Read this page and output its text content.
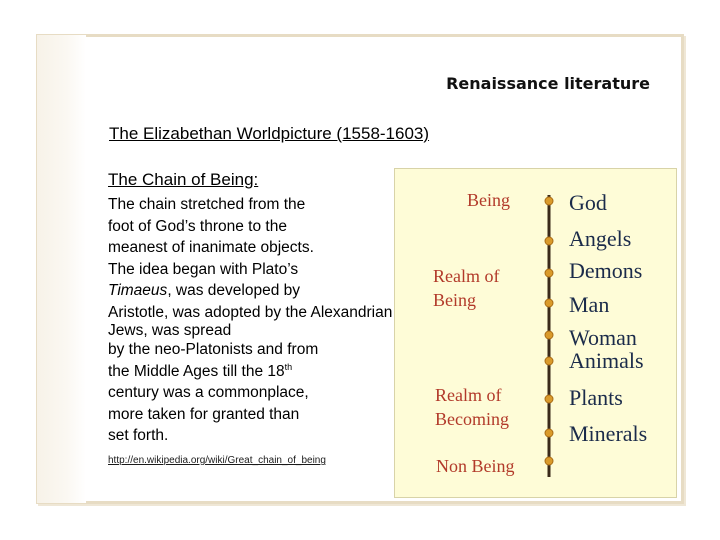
Renaissance literature
The Elizabethan Worldpicture (1558-1603)
The Chain of Being:
The chain stretched from the
foot of God’s throne to the
meanest of inanimate objects.
The idea began with Plato’s
Timaeus, was developed by
Aristotle, was adopted by the Alexandrian
Jews, was spread
by the neo-Platonists and from
the Middle Ages till the 18th
century was a commonplace,
more taken for granted than
set forth.
http://en.wikipedia.org/wiki/Great_chain_of_being
Being
Realm of
Being
Realm of
Becoming
Non Being
God
Angels
Demons
Man
Woman
Animals
Plants
Minerals
